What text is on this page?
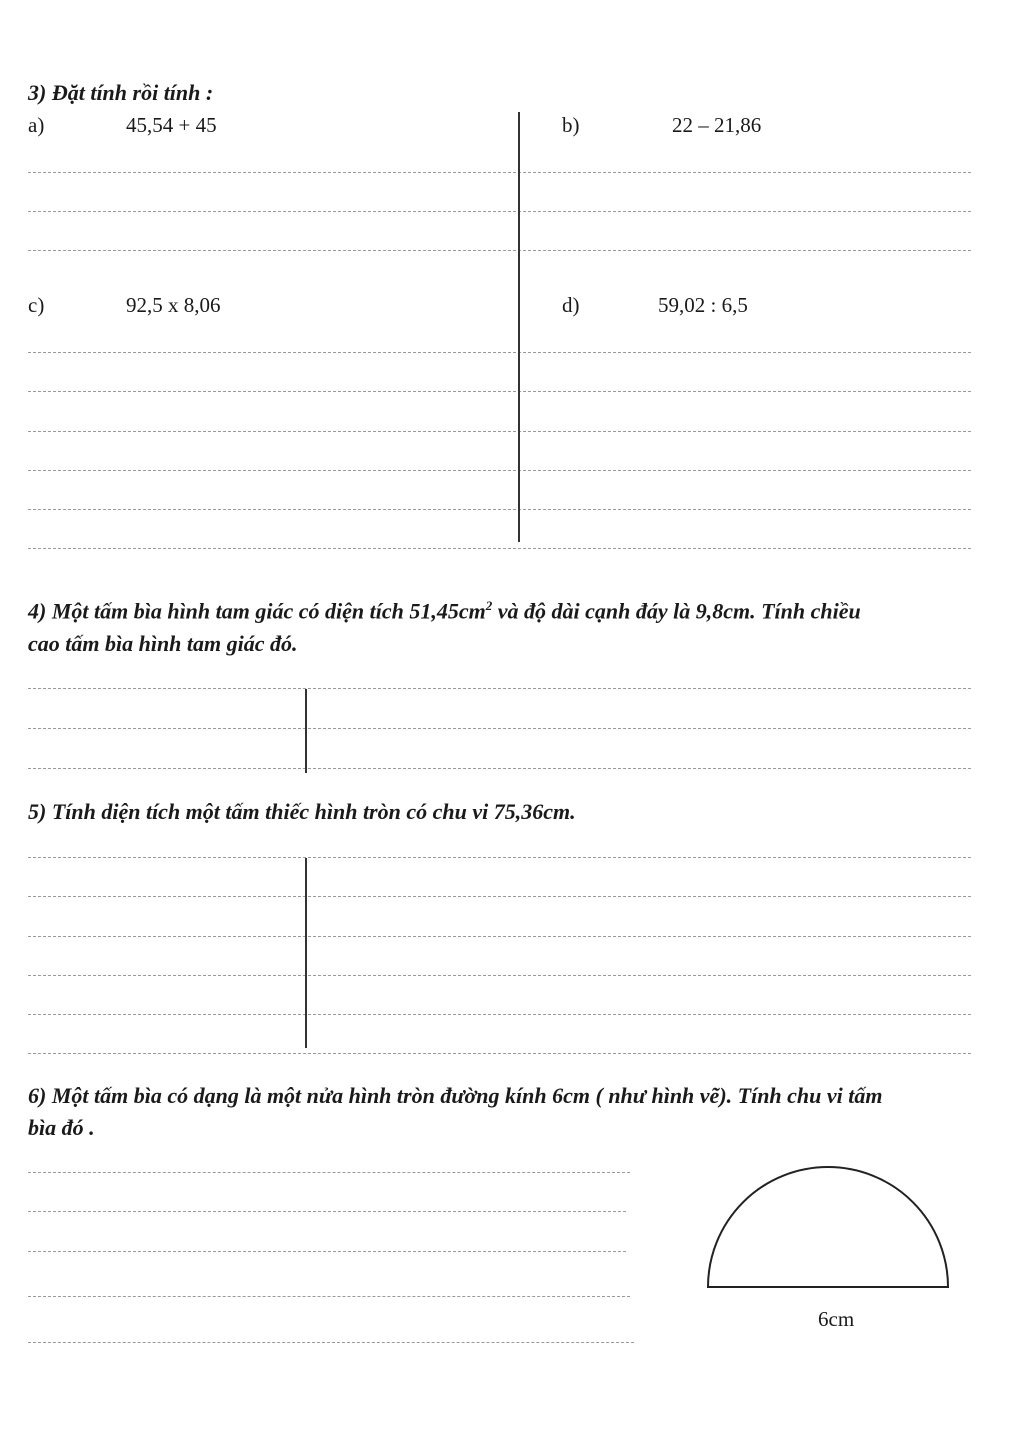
3) Đặt tính rồi tính :
a)	45,54 + 45	b)	22 – 21,86
c)	92,5 x 8,06	d)	59,02 : 6,5
4) Một tấm bìa hình tam giác có diện tích $51,45cm^2$ và độ dài cạnh đáy là 9,8cm. Tính chiều
cao tấm bìa hình tam giác đó.
5) Tính diện tích một tấm thiếc hình tròn có chu vi 75,36cm.
6) Một tấm bìa có dạng là một nửa hình tròn đường kính 6cm ( như hình vẽ). Tính chu vi tấm
bìa đó .
6cm
